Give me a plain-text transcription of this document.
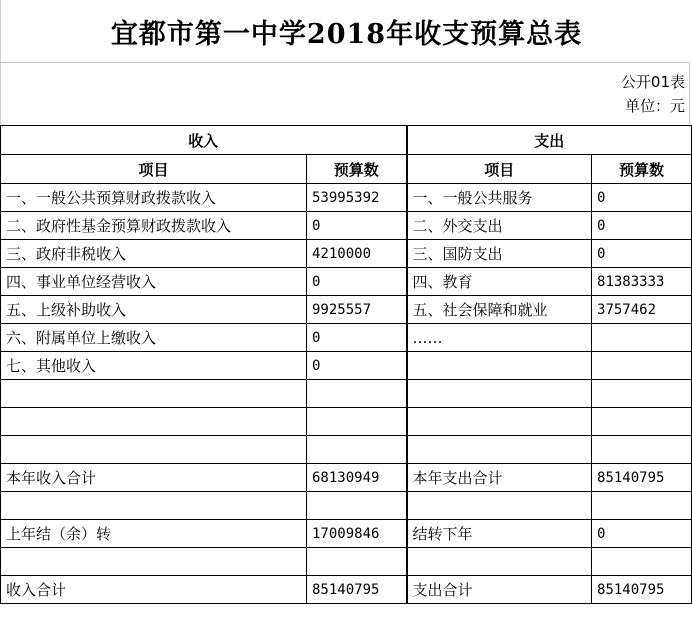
宜都市第一中学2018年收支预算总表
公开01表
单位：元
收入		支出	
项目	预算数	项目	预算数
一、一般公共预算财政拨款收入	53995392	一、一般公共服务	0
二、政府性基金预算财政拨款收入	0	二、外交支出	0
三、政府非税收入	4210000	三、国防支出	0
四、事业单位经营收入	0	四、教育	81383333
五、上级补助收入	9925557	五、社会保障和就业	3757462
六、附属单位上缴收入	0	……	
七、其他收入	0		

本年收入合计	68130949	本年支出合计	85140795

上年结（余）转	17009846	结转下年	0

收入合计	85140795	支出合计	85140795
